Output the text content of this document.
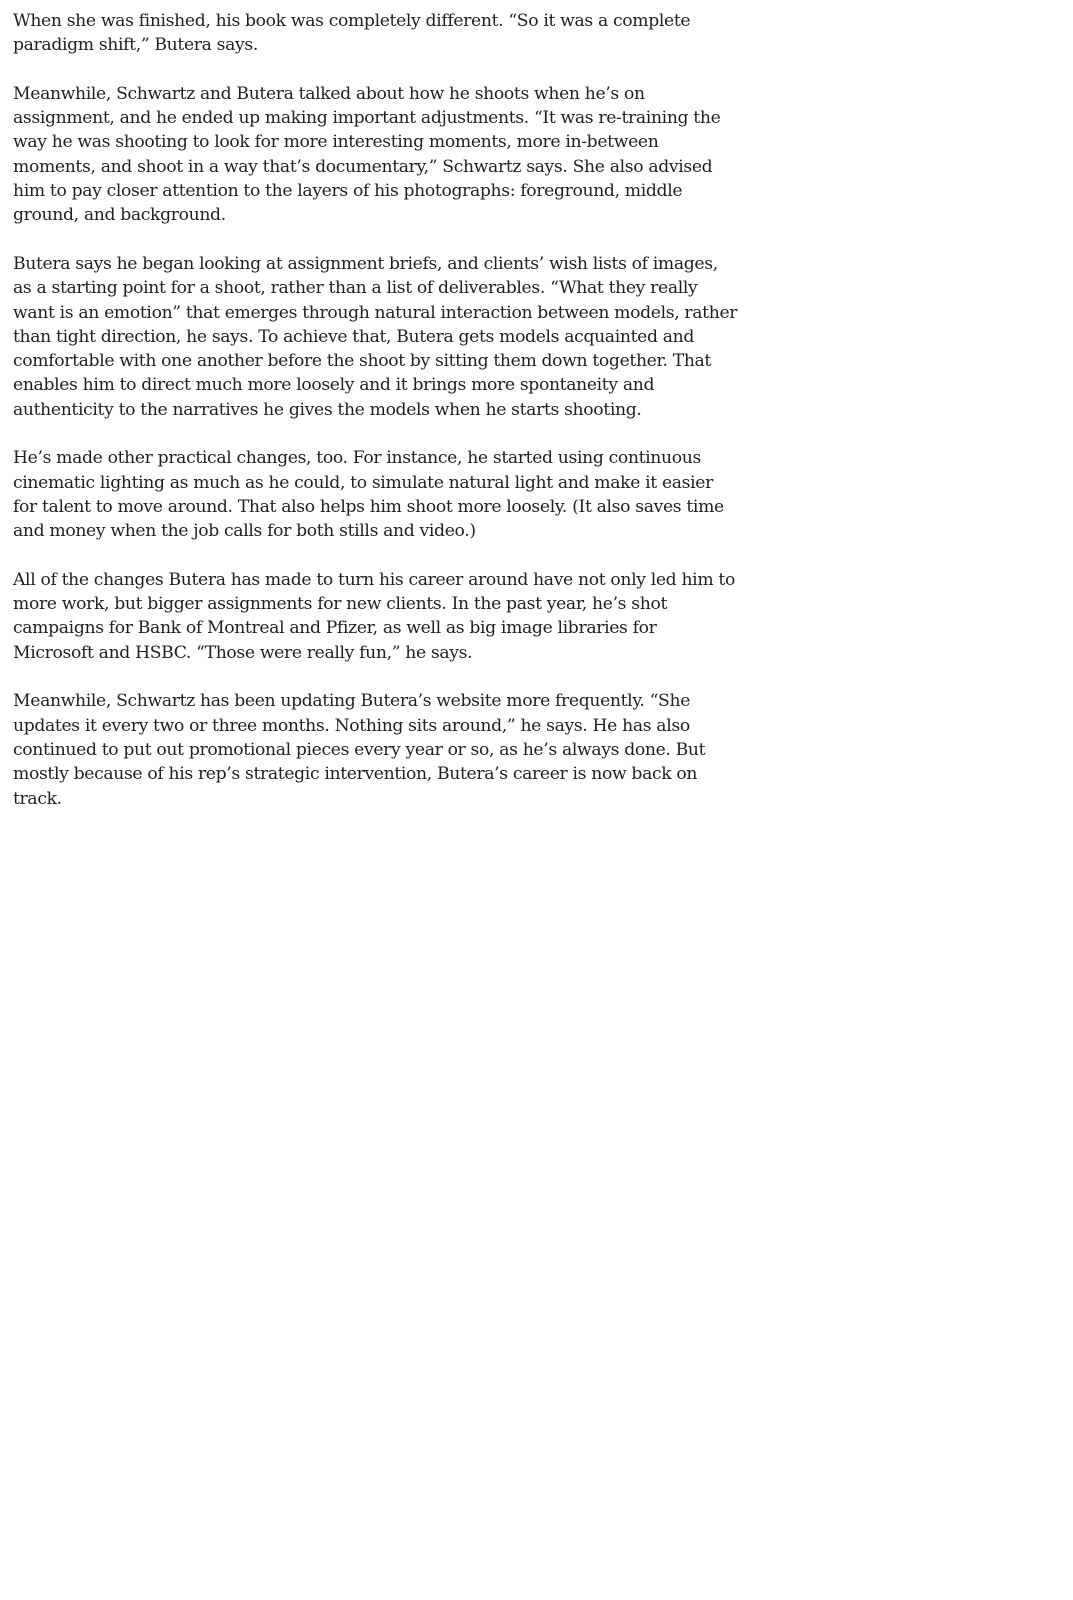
When she was finished, his book was completely different. “So it was a complete paradigm shift,” Butera says.

Meanwhile, Schwartz and Butera talked about how he shoots when he’s on assignment, and he ended up making important adjustments. “It was re-training the way he was shooting to look for more interesting moments, more in-between moments, and shoot in a way that’s documentary,” Schwartz says. She also advised him to pay closer attention to the layers of his photographs: foreground, middle ground, and background.

Butera says he began looking at assignment briefs, and clients’ wish lists of images, as a starting point for a shoot, rather than a list of deliverables. “What they really want is an emotion” that emerges through natural interaction between models, rather than tight direction, he says. To achieve that, Butera gets models acquainted and comfortable with one another before the shoot by sitting them down together. That enables him to direct much more loosely and it brings more spontaneity and authenticity to the narratives he gives the models when he starts shooting.

He’s made other practical changes, too. For instance, he started using continuous cinematic lighting as much as he could, to simulate natural light and make it easier for talent to move around. That also helps him shoot more loosely. (It also saves time and money when the job calls for both stills and video.)

All of the changes Butera has made to turn his career around have not only led him to more work, but bigger assignments for new clients. In the past year, he’s shot campaigns for Bank of Montreal and Pfizer, as well as big image libraries for Microsoft and HSBC. “Those were really fun,” he says.

Meanwhile, Schwartz has been updating Butera’s website more frequently. “She updates it every two or three months. Nothing sits around,” he says. He has also continued to put out promotional pieces every year or so, as he’s always done. But mostly because of his rep’s strategic intervention, Butera’s career is now back on track.
